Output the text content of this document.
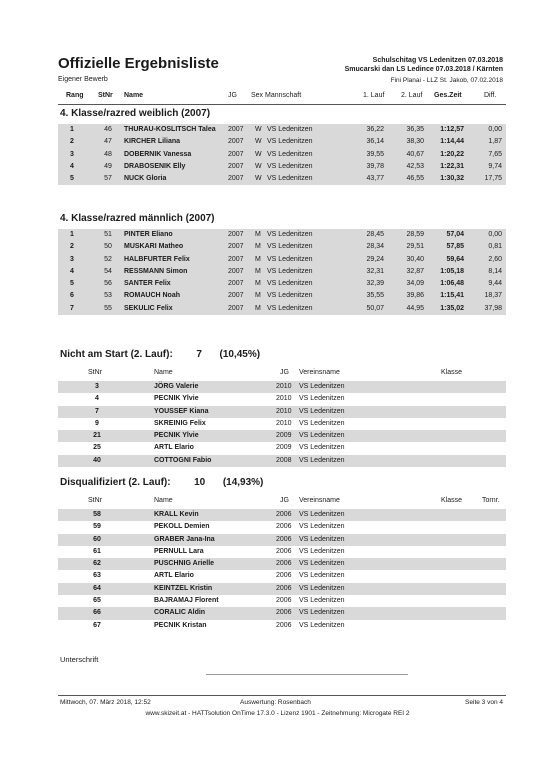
Offizielle Ergebnisliste
Eigener Bewerb
Schulschitag VS Ledenitzen 07.03.2018
Smucarski dan LS Ledince 07.03.2018 / Kärnten
Fini Planai - LLZ St. Jakob, 07.02.2018
Rang StNr Name	JG Sex Mannschaft	1. Lauf 2. Lauf Ges.Zeit	Diff.
4. Klasse/razred weiblich (2007)
1	46	THURAU-KOSLITSCH Talea 2007 W VS Ledenitzen	36,22	36,35	1:12,57	0,00
2	47	KIRCHER Liliana	2007 W VS Ledenitzen	36,14	38,30	1:14,44	1,87
3	48	DOBERNIK Vanessa	2007 W VS Ledenitzen	39,55	40,67	1:20,22	7,65
4	49	DRABOSENIK Elly	2007 W VS Ledenitzen	39,78	42,53	1:22,31	9,74
5	57	NUCK Gloria	2007 W VS Ledenitzen	43,77	46,55	1:30,32	17,75
4. Klasse/razred männlich (2007)
1	51	PINTER Eliano	2007 M VS Ledenitzen	28,45	28,59	57,04	0,00
2	50	MUSKARI Matheo	2007 M VS Ledenitzen	28,34	29,51	57,85	0,81
3	52	HALBFURTER Felix	2007 M VS Ledenitzen	29,24	30,40	59,64	2,60
4	54	RESSMANN Simon	2007 M VS Ledenitzen	32,31	32,87	1:05,18	8,14
5	56	SANTER Felix	2007 M VS Ledenitzen	32,39	34,09	1:06,48	9,44
6	53	ROMAUCH Noah	2007 M VS Ledenitzen	35,55	39,86	1:15,41	18,37
7	55	SEKULIC Felix	2007 M VS Ledenitzen	50,07	44,95	1:35,02	37,98
Nicht am Start (2. Lauf): 7 (10,45%)
StNr	Name	JG Vereinsname	Klasse
3	JÖRG Valerie	2010 VS Ledenitzen
4	PECNIK Ylvie	2010 VS Ledenitzen
7	YOUSSEF Kiana	2010 VS Ledenitzen
9	SKREINIG Felix	2010 VS Ledenitzen
21	PECNIK Ylvie	2009 VS Ledenitzen
25	ARTL Elario	2009 VS Ledenitzen
40	COTTOGNI Fabio	2008 VS Ledenitzen
Disqualifiziert (2. Lauf): 10 (14,93%)
StNr	Name	JG Vereinsname	Klasse	Tornr.
58	KRALL Kevin	2006 VS Ledenitzen
59	PEKOLL Demien	2006 VS Ledenitzen
60	GRABER Jana-Ina	2006 VS Ledenitzen
61	PERNULL Lara	2006 VS Ledenitzen
62	PUSCHNIG Arielle	2006 VS Ledenitzen
63	ARTL Elario	2006 VS Ledenitzen
64	KEINTZEL Kristin	2006 VS Ledenitzen
65	BAJRAMAJ Florent	2006 VS Ledenitzen
66	CORALIC Aldin	2006 VS Ledenitzen
67	PECNIK Kristan	2006 VS Ledenitzen
Unterschrift
Mittwoch, 07. März 2018, 12:52	Auswertung: Rosenbach	Seite 3 von 4
www.skizeit.at - HATTsolution OnTime 17.3.0 - Lizenz 1901 - Zeitnehmung: Microgate REI 2
